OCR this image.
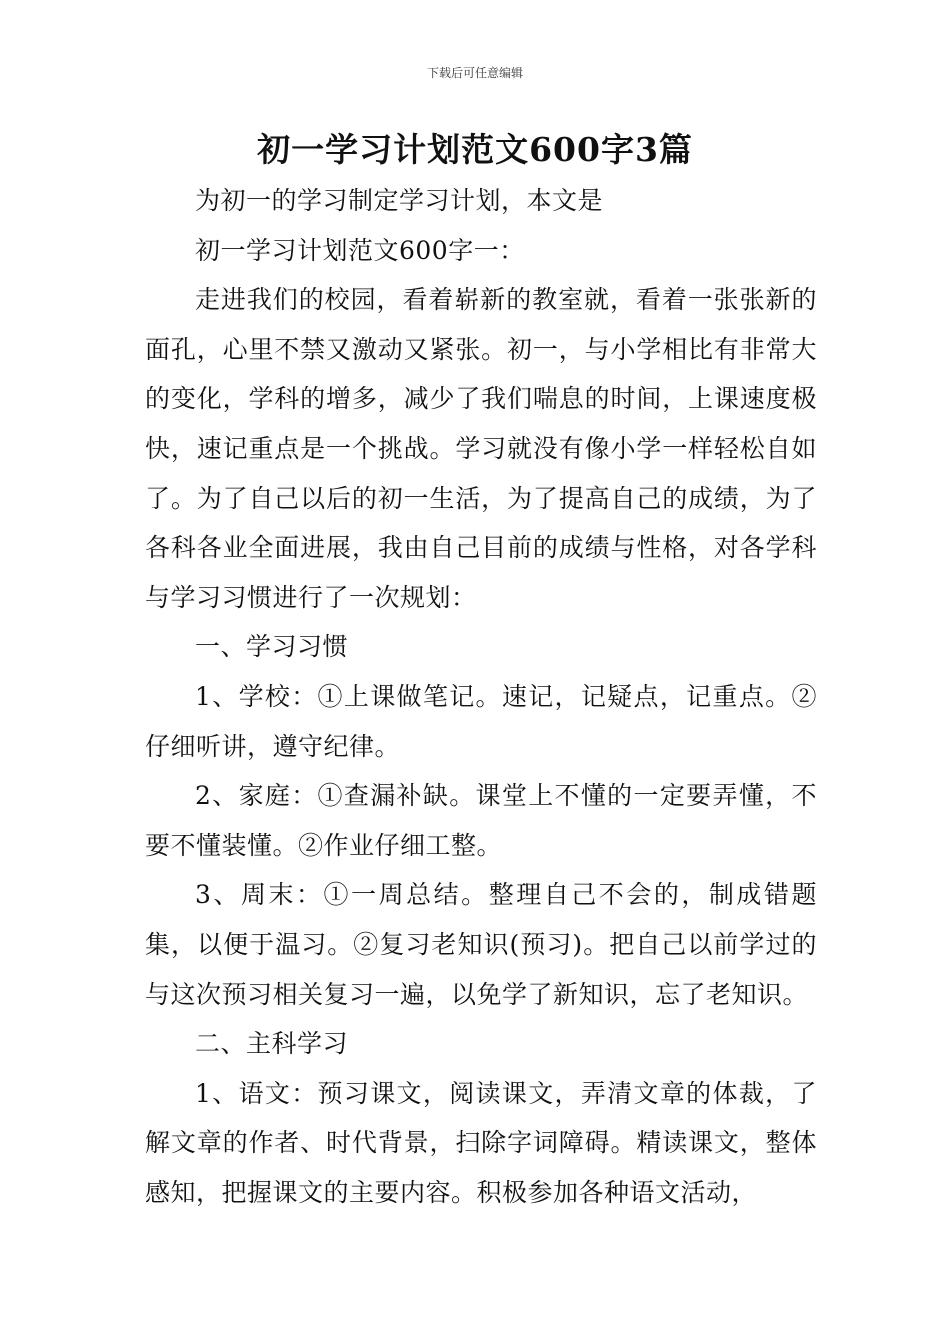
下载后可任意编辑
初一学习计划范文600字3篇

为初一的学习制定学习计划，本文是

初一学习计划范文600字一：

走进我们的校园，看着崭新的教室就，看着一张张新的面孔，心里不禁又激动又紧张。初一，与小学相比有非常大的变化，学科的增多，减少了我们喘息的时间，上课速度极快，速记重点是一个挑战。学习就没有像小学一样轻松自如了。为了自己以后的初一生活，为了提高自己的成绩，为了各科各业全面进展，我由自己目前的成绩与性格，对各学科与学习习惯进行了一次规划：

一、学习习惯

1、学校：①上课做笔记。速记，记疑点，记重点。②仔细听讲，遵守纪律。

2、家庭：①查漏补缺。课堂上不懂的一定要弄懂，不要不懂装懂。②作业仔细工整。

3、周末：①一周总结。整理自己不会的，制成错题集，以便于温习。②复习老知识(预习)。把自己以前学过的与这次预习相关复习一遍，以免学了新知识，忘了老知识。

二、主科学习

1、语文：预习课文，阅读课文，弄清文章的体裁，了解文章的作者、时代背景，扫除字词障碍。精读课文，整体感知，把握课文的主要内容。积极参加各种语文活动，
